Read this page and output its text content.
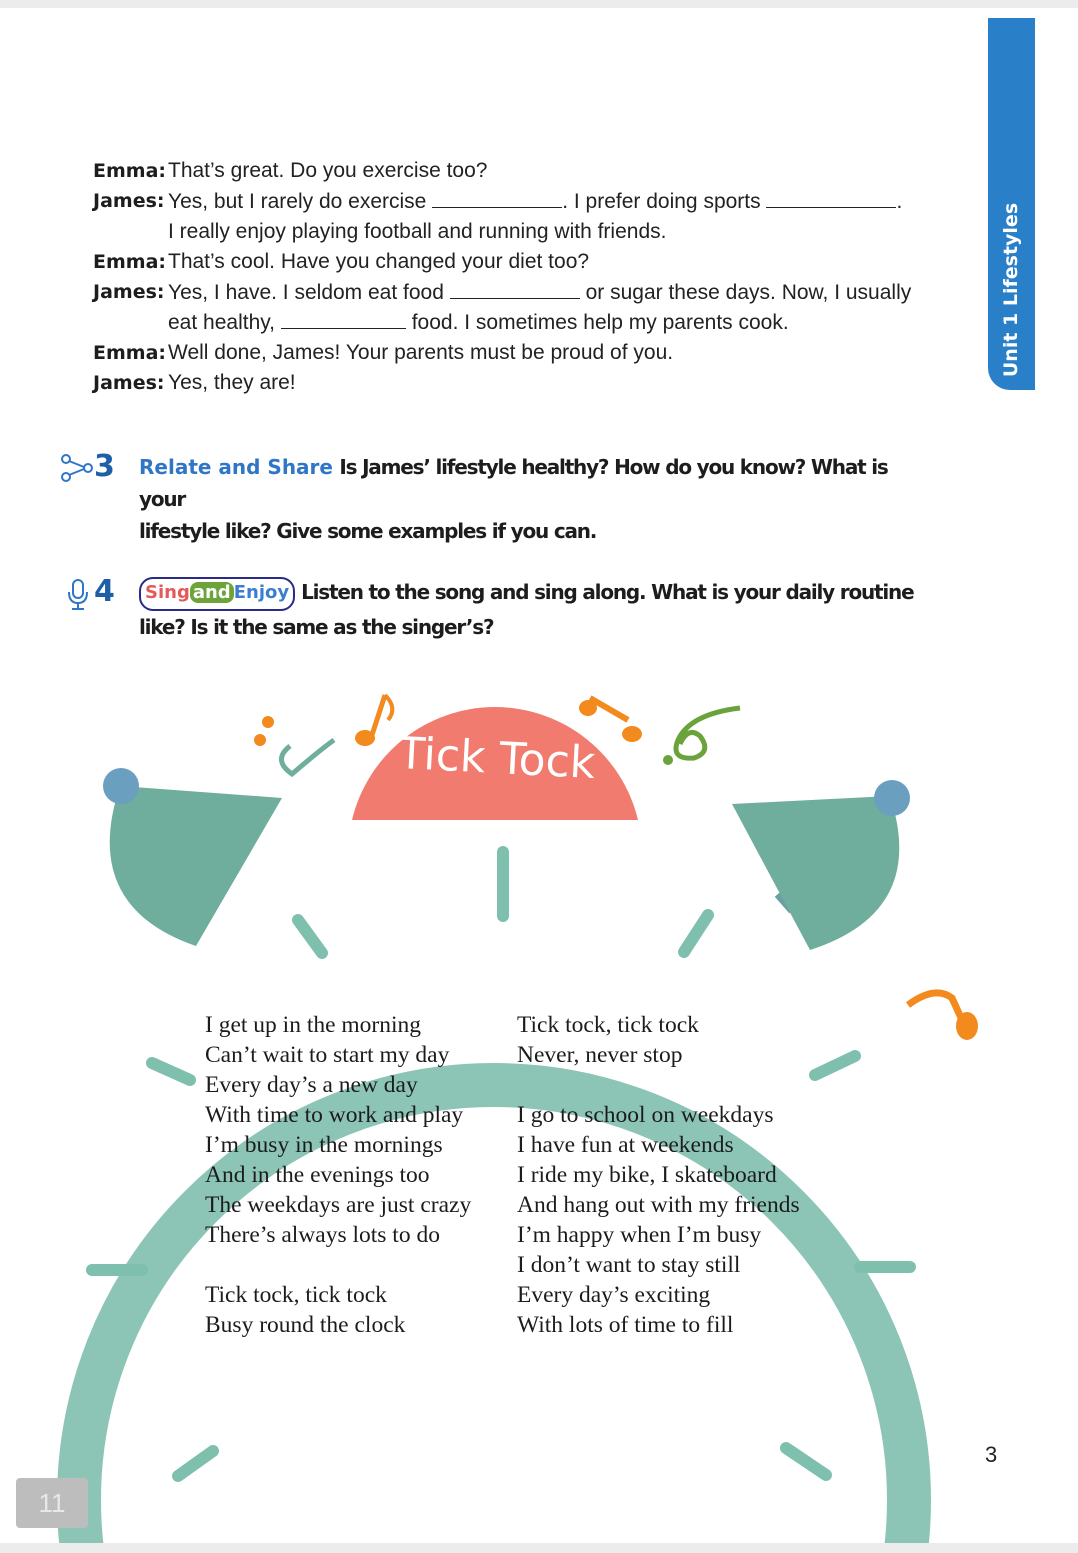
Unit 1 Lifestyles
Emma: That’s great. Do you exercise too?
James: Yes, but I rarely do exercise	. I prefer doing sports	.
I really enjoy playing football and running with friends.
Emma: That’s cool. Have you changed your diet too?
James: Yes, I have. I seldom eat food	or sugar these days. Now, I usually
eat healthy,	food. I sometimes help my parents cook.
Emma: Well done, James! Your parents must be proud of you.
James: Yes, they are!
3 Relate and Share Is James’ lifestyle healthy? How do you know? What is your
lifestyle like? Give some examples if you can.
4	Sing and Enjoy Listen to the song and sing along. What is your daily routine
like? Is it the same as the singer’s?
Tick Tock
I get up in the morning
Can’t wait to start my day
Every day’s a new day
With time to work and play
I’m busy in the mornings
And in the evenings too
The weekdays are just crazy
There’s always lots to do
Tick tock, tick tock
Busy round the clock
Tick tock, tick tock
Never, never stop
I go to school on weekdays
I have fun at weekends
I ride my bike, I skateboard
And hang out with my friends
I’m happy when I’m busy
I don’t want to stay still
Every day’s exciting
With lots of time to fill
3
11
